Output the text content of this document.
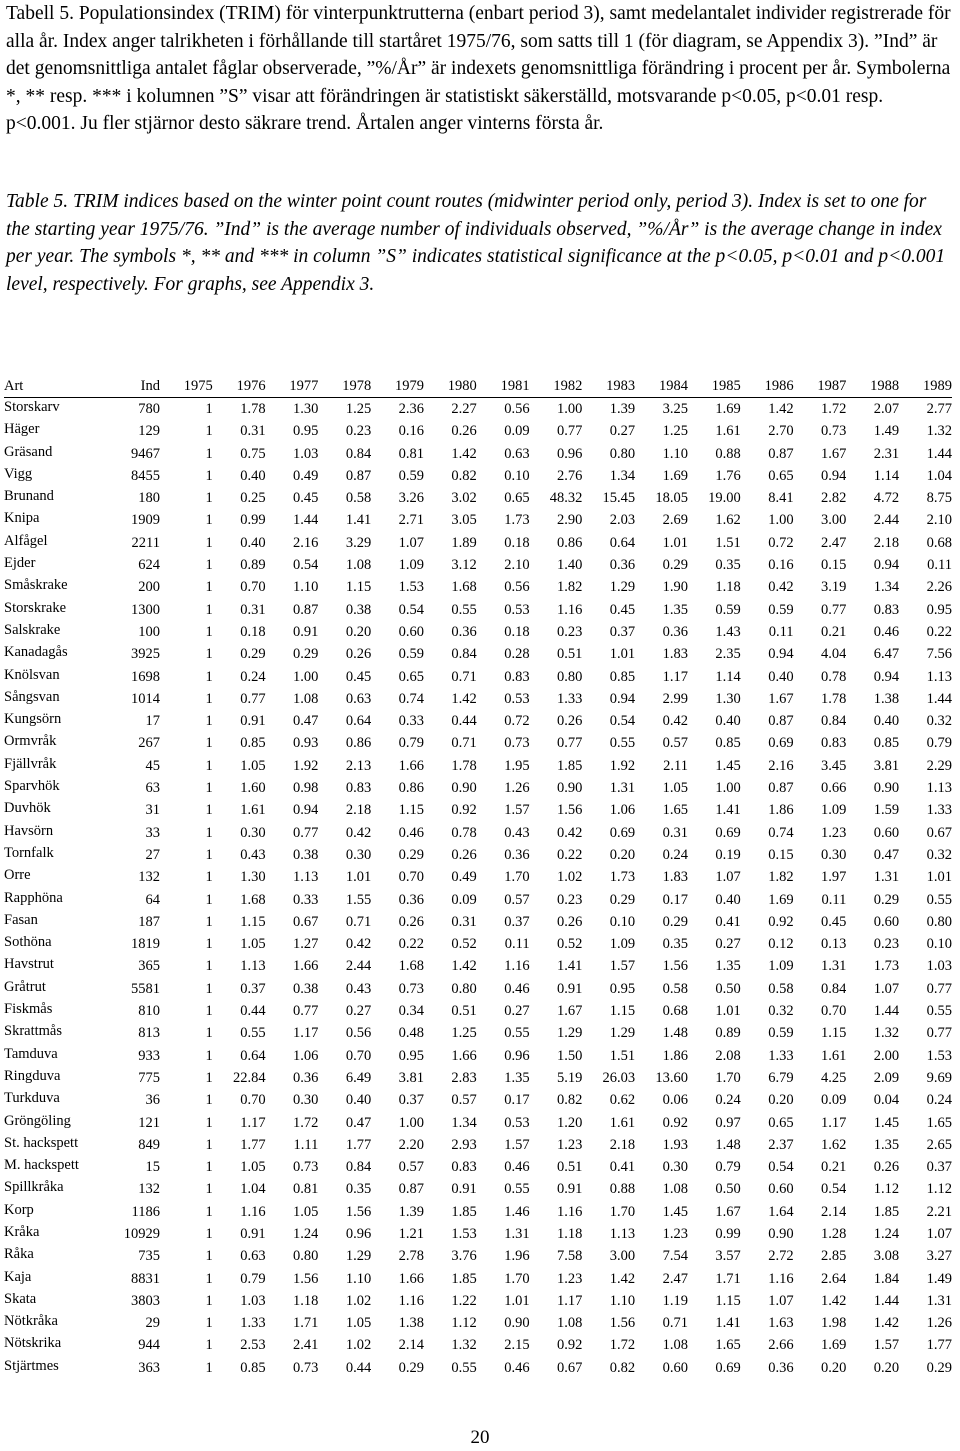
Tabell 5. Populationsindex (TRIM) för vinterpunktrutterna (enbart period 3), samt medelantalet individer registrerade för alla år. Index anger talrikheten i förhållande till startåret 1975/76, som satts till 1 (för diagram, se Appendix 3). ”Ind” är det genomsnittliga antalet fåglar observerade, ”%/År” är indexets genomsnittliga förändring i procent per år. Symbolerna *, ** resp. *** i kolumnen ”S” visar att förändringen är statistiskt säkerställd, motsvarande p<0.05, p<0.01 resp. p<0.001. Ju fler stjärnor desto säkrare trend. Årtalen anger vinterns första år.

Table 5. TRIM indices based on the winter point count routes (midwinter period only, period 3). Index is set to one for the starting year 1975/76. ”Ind” is the average number of individuals observed, ”%/År” is the average change in index per year. The symbols *, ** and *** in column ”S” indicates statistical significance at the p<0.05, p<0.01 and p<0.001 level, respectively. For graphs, see Appendix 3.

Art	Ind	1975	1976	1977	1978	1979	1980	1981	1982	1983	1984	1985	1986	1987	1988	1989
Storskarv	780	1	1.78	1.30	1.25	2.36	2.27	0.56	1.00	1.39	3.25	1.69	1.42	1.72	2.07	2.77
Häger	129	1	0.31	0.95	0.23	0.16	0.26	0.09	0.77	0.27	1.25	1.61	2.70	0.73	1.49	1.32
Gräsand	9467	1	0.75	1.03	0.84	0.81	1.42	0.63	0.96	0.80	1.10	0.88	0.87	1.67	2.31	1.44
Vigg	8455	1	0.40	0.49	0.87	0.59	0.82	0.10	2.76	1.34	1.69	1.76	0.65	0.94	1.14	1.04
Brunand	180	1	0.25	0.45	0.58	3.26	3.02	0.65	48.32	15.45	18.05	19.00	8.41	2.82	4.72	8.75
Knipa	1909	1	0.99	1.44	1.41	2.71	3.05	1.73	2.90	2.03	2.69	1.62	1.00	3.00	2.44	2.10
Alfågel	2211	1	0.40	2.16	3.29	1.07	1.89	0.18	0.86	0.64	1.01	1.51	0.72	2.47	2.18	0.68
Ejder	624	1	0.89	0.54	1.08	1.09	3.12	2.10	1.40	0.36	0.29	0.35	0.16	0.15	0.94	0.11
Småskrake	200	1	0.70	1.10	1.15	1.53	1.68	0.56	1.82	1.29	1.90	1.18	0.42	3.19	1.34	2.26
Storskrake	1300	1	0.31	0.87	0.38	0.54	0.55	0.53	1.16	0.45	1.35	0.59	0.59	0.77	0.83	0.95
Salskrake	100	1	0.18	0.91	0.20	0.60	0.36	0.18	0.23	0.37	0.36	1.43	0.11	0.21	0.46	0.22
Kanadagås	3925	1	0.29	0.29	0.26	0.59	0.84	0.28	0.51	1.01	1.83	2.35	0.94	4.04	6.47	7.56
Knölsvan	1698	1	0.24	1.00	0.45	0.65	0.71	0.83	0.80	0.85	1.17	1.14	0.40	0.78	0.94	1.13
Sångsvan	1014	1	0.77	1.08	0.63	0.74	1.42	0.53	1.33	0.94	2.99	1.30	1.67	1.78	1.38	1.44
Kungsörn	17	1	0.91	0.47	0.64	0.33	0.44	0.72	0.26	0.54	0.42	0.40	0.87	0.84	0.40	0.32
Ormvråk	267	1	0.85	0.93	0.86	0.79	0.71	0.73	0.77	0.55	0.57	0.85	0.69	0.83	0.85	0.79
Fjällvråk	45	1	1.05	1.92	2.13	1.66	1.78	1.95	1.85	1.92	2.11	1.45	2.16	3.45	3.81	2.29
Sparvhök	63	1	1.60	0.98	0.83	0.86	0.90	1.26	0.90	1.31	1.05	1.00	0.87	0.66	0.90	1.13
Duvhök	31	1	1.61	0.94	2.18	1.15	0.92	1.57	1.56	1.06	1.65	1.41	1.86	1.09	1.59	1.33
Havsörn	33	1	0.30	0.77	0.42	0.46	0.78	0.43	0.42	0.69	0.31	0.69	0.74	1.23	0.60	0.67
Tornfalk	27	1	0.43	0.38	0.30	0.29	0.26	0.36	0.22	0.20	0.24	0.19	0.15	0.30	0.47	0.32
Orre	132	1	1.30	1.13	1.01	0.70	0.49	1.70	1.02	1.73	1.83	1.07	1.82	1.97	1.31	1.01
Rapphöna	64	1	1.68	0.33	1.55	0.36	0.09	0.57	0.23	0.29	0.17	0.40	1.69	0.11	0.29	0.55
Fasan	187	1	1.15	0.67	0.71	0.26	0.31	0.37	0.26	0.10	0.29	0.41	0.92	0.45	0.60	0.80
Sothöna	1819	1	1.05	1.27	0.42	0.22	0.52	0.11	0.52	1.09	0.35	0.27	0.12	0.13	0.23	0.10
Havstrut	365	1	1.13	1.66	2.44	1.68	1.42	1.16	1.41	1.57	1.56	1.35	1.09	1.31	1.73	1.03
Gråtrut	5581	1	0.37	0.38	0.43	0.73	0.80	0.46	0.91	0.95	0.58	0.50	0.58	0.84	1.07	0.77
Fiskmås	810	1	0.44	0.77	0.27	0.34	0.51	0.27	1.67	1.15	0.68	1.01	0.32	0.70	1.44	0.55
Skrattmås	813	1	0.55	1.17	0.56	0.48	1.25	0.55	1.29	1.29	1.48	0.89	0.59	1.15	1.32	0.77
Tamduva	933	1	0.64	1.06	0.70	0.95	1.66	0.96	1.50	1.51	1.86	2.08	1.33	1.61	2.00	1.53
Ringduva	775	1	22.84	0.36	6.49	3.81	2.83	1.35	5.19	26.03	13.60	1.70	6.79	4.25	2.09	9.69
Turkduva	36	1	0.70	0.30	0.40	0.37	0.57	0.17	0.82	0.62	0.06	0.24	0.20	0.09	0.04	0.24
Gröngöling	121	1	1.17	1.72	0.47	1.00	1.34	0.53	1.20	1.61	0.92	0.97	0.65	1.17	1.45	1.65
St. hackspett	849	1	1.77	1.11	1.77	2.20	2.93	1.57	1.23	2.18	1.93	1.48	2.37	1.62	1.35	2.65
M. hackspett	15	1	1.05	0.73	0.84	0.57	0.83	0.46	0.51	0.41	0.30	0.79	0.54	0.21	0.26	0.37
Spillkråka	132	1	1.04	0.81	0.35	0.87	0.91	0.55	0.91	0.88	1.08	0.50	0.60	0.54	1.12	1.12
Korp	1186	1	1.16	1.05	1.56	1.39	1.85	1.46	1.16	1.70	1.45	1.67	1.64	2.14	1.85	2.21
Kråka	10929	1	0.91	1.24	0.96	1.21	1.53	1.31	1.18	1.13	1.23	0.99	0.90	1.28	1.24	1.07
Råka	735	1	0.63	0.80	1.29	2.78	3.76	1.96	7.58	3.00	7.54	3.57	2.72	2.85	3.08	3.27
Kaja	8831	1	0.79	1.56	1.10	1.66	1.85	1.70	1.23	1.42	2.47	1.71	1.16	2.64	1.84	1.49
Skata	3803	1	1.03	1.18	1.02	1.16	1.22	1.01	1.17	1.10	1.19	1.15	1.07	1.42	1.44	1.31
Nötkråka	29	1	1.33	1.71	1.05	1.38	1.12	0.90	1.08	1.56	0.71	1.41	1.63	1.98	1.42	1.26
Nötskrika	944	1	2.53	2.41	1.02	2.14	1.32	2.15	0.92	1.72	1.08	1.65	2.66	1.69	1.57	1.77
Stjärtmes	363	1	0.85	0.73	0.44	0.29	0.55	0.46	0.67	0.82	0.60	0.69	0.36	0.20	0.20	0.29
20
